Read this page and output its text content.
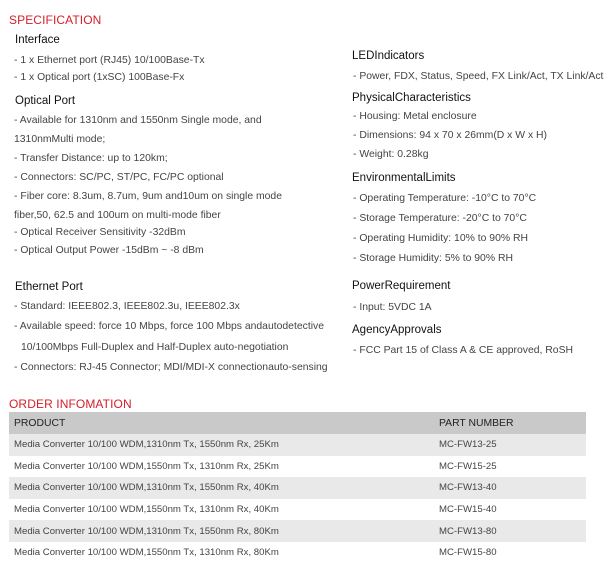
SPECIFICATION
Interface
- 1 x Ethernet port (RJ45) 10/100Base-Tx
- 1 x Optical port (1xSC) 100Base-Fx
Optical Port
- Available for 1310nm and 1550nm Single mode, and
1310nmMulti mode;
- Transfer Distance: up to 120km;
- Connectors: SC/PC, ST/PC, FC/PC optional
- Fiber core: 8.3um, 8.7um, 9um and10um on single mode
fiber,50, 62.5 and 100um on multi-mode fiber
- Optical Receiver Sensitivity -32dBm
- Optical Output Power -15dBm ~ -8 dBm
Ethernet Port
- Standard: IEEE802.3, IEEE802.3u, IEEE802.3x
- Available speed: force 10 Mbps, force 100 Mbps andautodetective
10/100Mbps Full-Duplex and Half-Duplex auto-negotiation
- Connectors: RJ-45 Connector; MDI/MDI-X connectionauto-sensing
LEDIndicators
- Power, FDX, Status, Speed, FX Link/Act, TX Link/Act
PhysicalCharacteristics
- Housing: Metal enclosure
- Dimensions: 94 x 70 x 26mm(D x W x H)
- Weight: 0.28kg
EnvironmentalLimits
- Operating Temperature: -10°C to 70°C
- Storage Temperature: -20°C to 70°C
- Operating Humidity: 10% to 90% RH
- Storage Humidity: 5% to 90% RH
PowerRequirement
- Input: 5VDC 1A
AgencyApprovals
- FCC Part 15 of Class A & CE approved, RoSH
ORDER INFOMATION
PRODUCT	PART NUMBER
Media Converter 10/100 WDM,1310nm Tx, 1550nm Rx, 25Km	MC-FW13-25
Media Converter 10/100 WDM,1550nm Tx, 1310nm Rx, 25Km	MC-FW15-25
Media Converter 10/100 WDM,1310nm Tx, 1550nm Rx, 40Km	MC-FW13-40
Media Converter 10/100 WDM,1550nm Tx, 1310nm Rx, 40Km	MC-FW15-40
Media Converter 10/100 WDM,1310nm Tx, 1550nm Rx, 80Km	MC-FW13-80
Media Converter 10/100 WDM,1550nm Tx, 1310nm Rx, 80Km	MC-FW15-80
